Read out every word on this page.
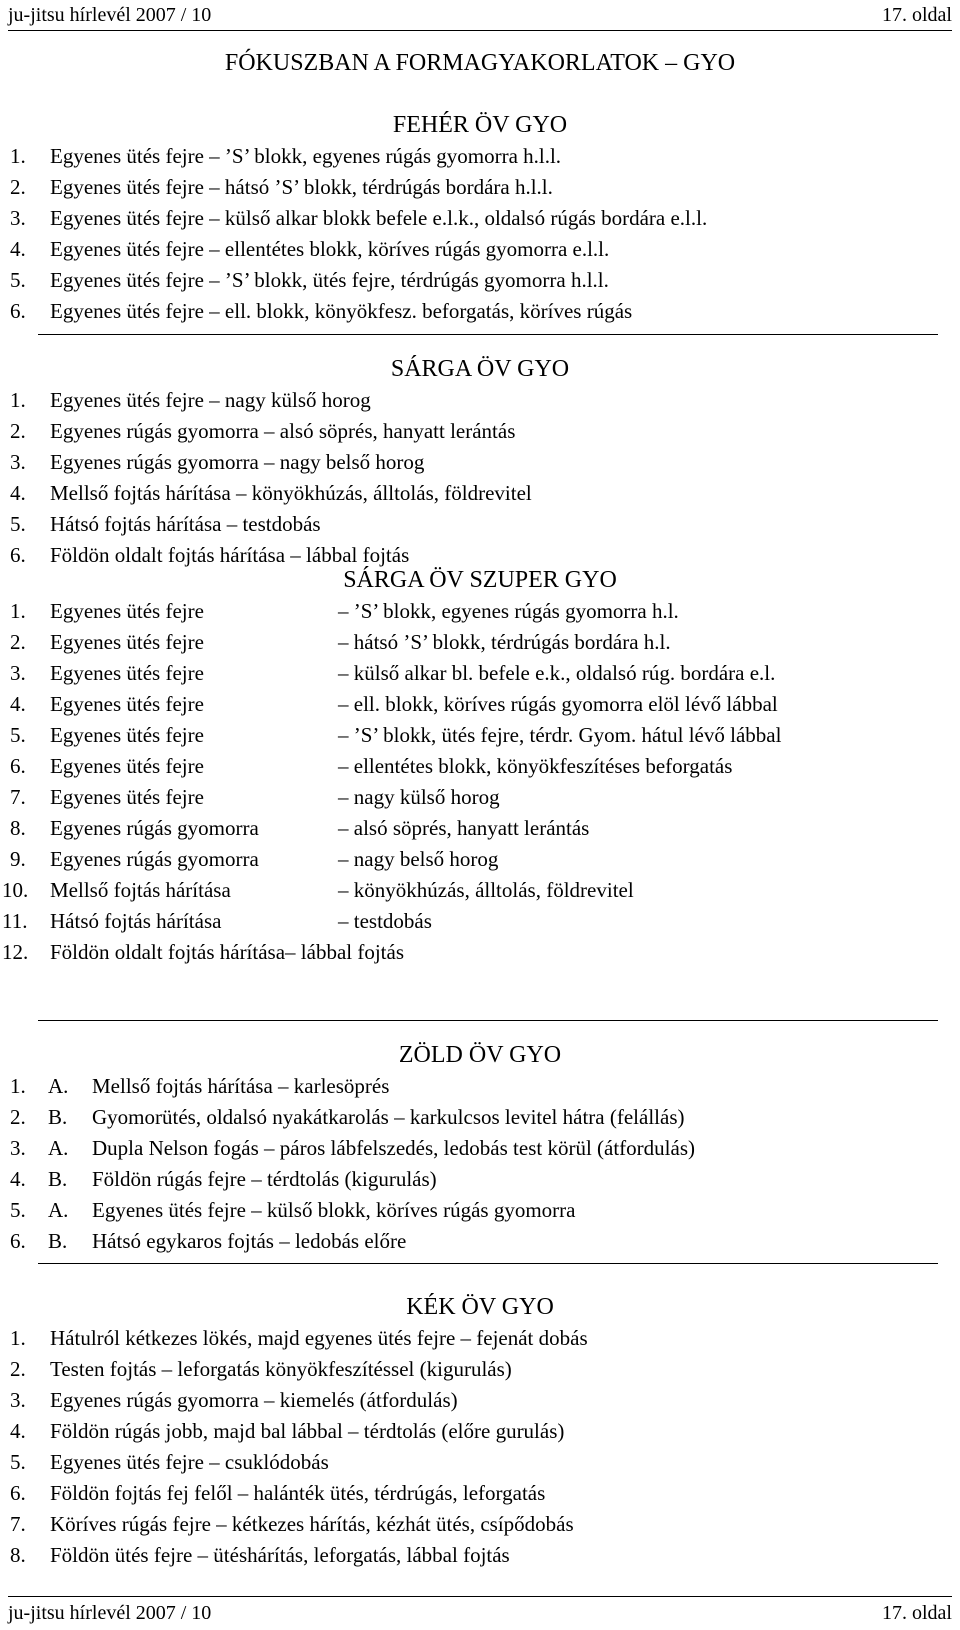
ju-jitsu hírlevél 2007 / 10	17. oldal
FÓKUSZBAN A FORMAGYAKORLATOK – GYO
FEHÉR ÖV GYO
1. Egyenes ütés fejre – ’S’ blokk, egyenes rúgás gyomorra h.l.l.
2. Egyenes ütés fejre – hátsó ’S’ blokk, térdrúgás bordára h.l.l.
3. Egyenes ütés fejre – külső alkar blokk befele e.l.k., oldalsó rúgás bordára e.l.l.
4. Egyenes ütés fejre – ellentétes blokk, köríves rúgás gyomorra e.l.l.
5. Egyenes ütés fejre – ’S’ blokk, ütés fejre, térdrúgás gyomorra h.l.l.
6. Egyenes ütés fejre – ell. blokk, könyökfesz. beforgatás, köríves rúgás
SÁRGA ÖV GYO
1. Egyenes ütés fejre – nagy külső horog
2. Egyenes rúgás gyomorra – alsó söprés, hanyatt lerántás
3. Egyenes rúgás gyomorra – nagy belső horog
4. Mellső fojtás hárítása – könyökhúzás, álltolás, földrevitel
5. Hátsó fojtás hárítása – testdobás
6. Földön oldalt fojtás hárítása – lábbal fojtás
SÁRGA ÖV SZUPER GYO
1. Egyenes ütés fejre	– ’S’ blokk, egyenes rúgás gyomorra h.l.
2. Egyenes ütés fejre	– hátsó ’S’ blokk, térdrúgás bordára h.l.
3. Egyenes ütés fejre	– külső alkar bl. befele e.k., oldalsó rúg. bordára e.l.
4. Egyenes ütés fejre	– ell. blokk, köríves rúgás gyomorra elöl lévő lábbal
5. Egyenes ütés fejre	– ’S’ blokk, ütés fejre, térdr. Gyom. hátul lévő lábbal
6. Egyenes ütés fejre	– ellentétes blokk, könyökfeszítéses beforgatás
7. Egyenes ütés fejre	– nagy külső horog
8. Egyenes rúgás gyomorra	– alsó söprés, hanyatt lerántás
9. Egyenes rúgás gyomorra	– nagy belső horog
10. Mellső fojtás hárítása	– könyökhúzás, álltolás, földrevitel
11. Hátsó fojtás hárítása	– testdobás
12. Földön oldalt fojtás hárítása– lábbal fojtás
ZÖLD ÖV GYO
1. A. Mellső fojtás hárítása – karlesöprés
2. B. Gyomorütés, oldalsó nyakátkarolás – karkulcsos levitel hátra (felállás)
3. A. Dupla Nelson fogás – páros lábfelszedés, ledobás test körül (átfordulás)
4. B. Földön rúgás fejre – térdtolás (kigurulás)
5. A. Egyenes ütés fejre – külső blokk, köríves rúgás gyomorra
6. B. Hátsó egykaros fojtás – ledobás előre
KÉK ÖV GYO
1. Hátulról kétkezes lökés, majd egyenes ütés fejre – fejenát dobás
2. Testen fojtás – leforgatás könyökfeszítéssel (kigurulás)
3. Egyenes rúgás gyomorra – kiemelés (átfordulás)
4. Földön rúgás jobb, majd bal lábbal – térdtolás (előre gurulás)
5. Egyenes ütés fejre – csuklódobás
6. Földön fojtás fej felől – halánték ütés, térdrúgás, leforgatás
7. Köríves rúgás fejre – kétkezes hárítás, kézhát ütés, csípődobás
8. Földön ütés fejre – ütéshárítás, leforgatás, lábbal fojtás
ju-jitsu hírlevél 2007 / 10	17. oldal
